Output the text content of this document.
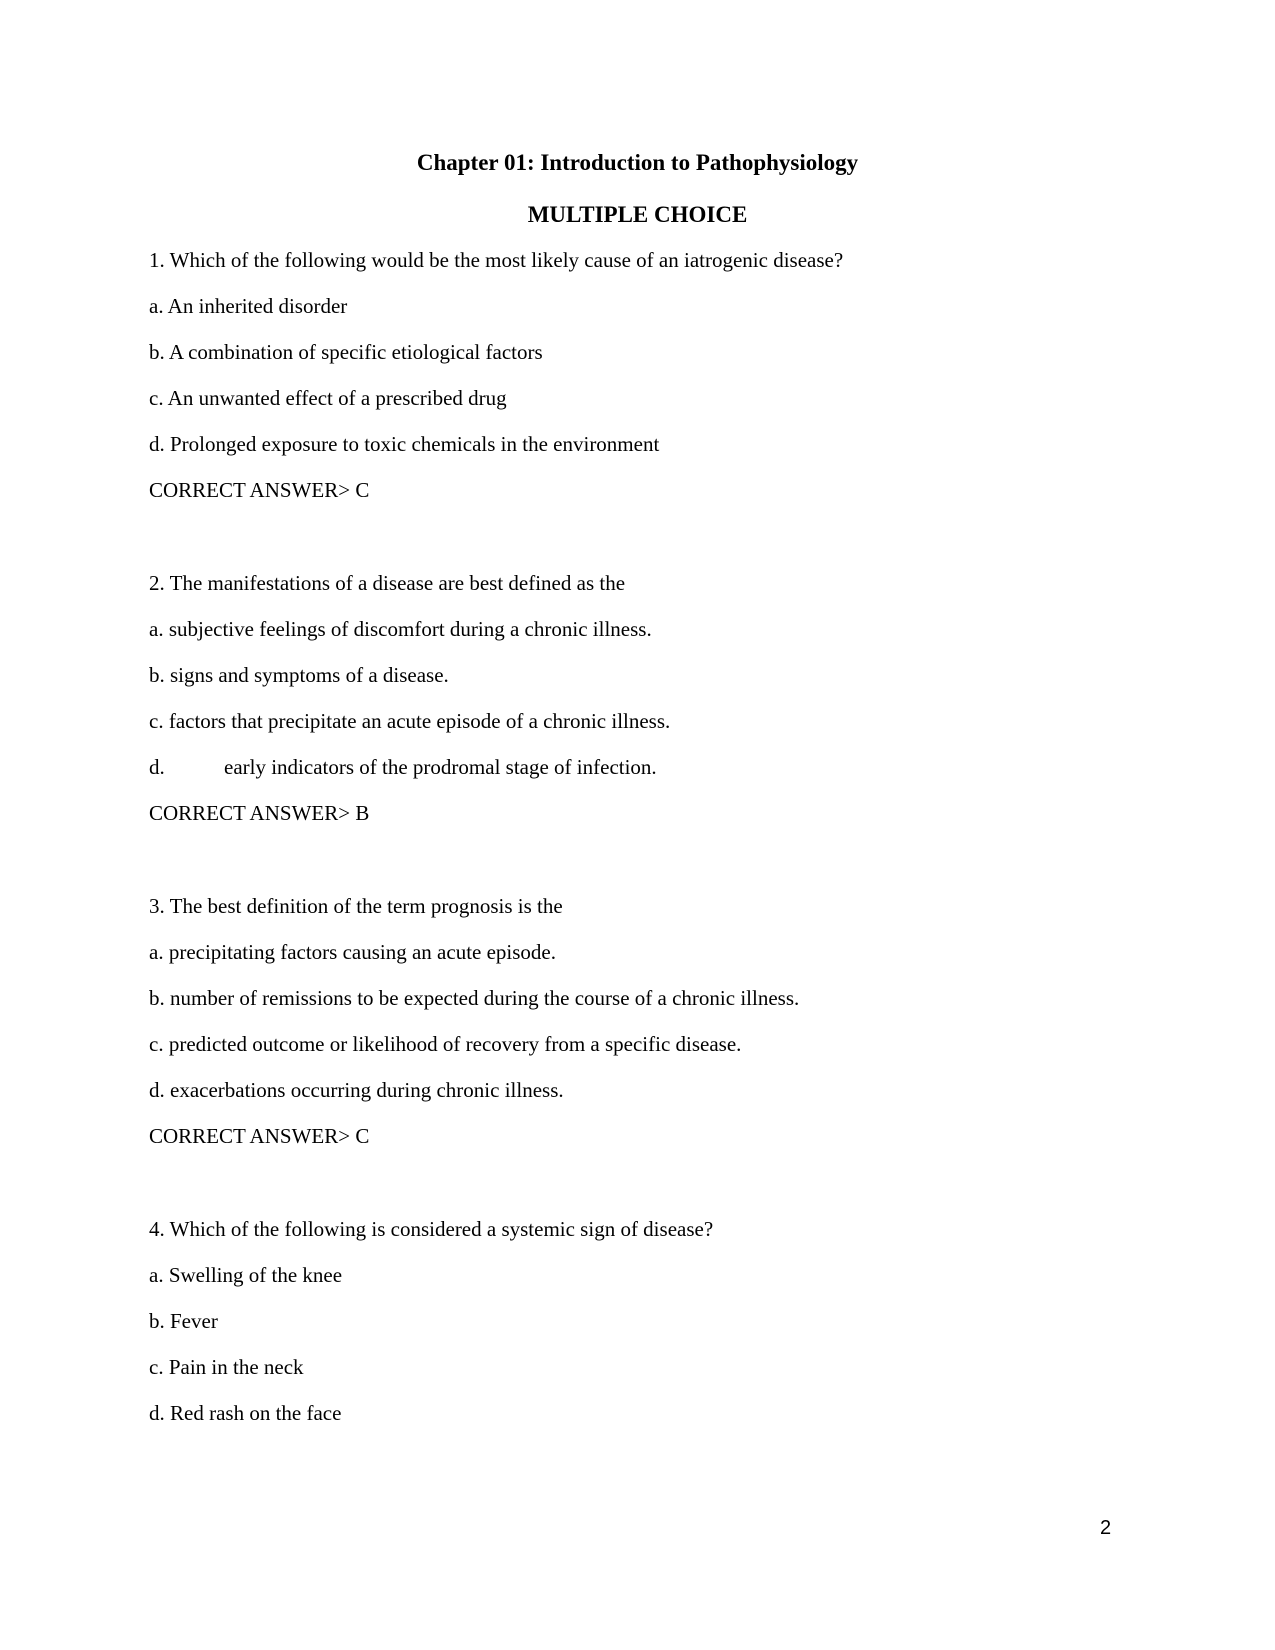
Chapter 01: Introduction to Pathophysiology
MULTIPLE CHOICE
1. Which of the following would be the most likely cause of an iatrogenic disease?
a. An inherited disorder
b. A combination of specific etiological factors
c. An unwanted effect of a prescribed drug
d. Prolonged exposure to toxic chemicals in the environment
CORRECT ANSWER> C
2. The manifestations of a disease are best defined as the
a. subjective feelings of discomfort during a chronic illness.
b. signs and symptoms of a disease.
c. factors that precipitate an acute episode of a chronic illness.
d.	early indicators of the prodromal stage of infection.
CORRECT ANSWER> B
3. The best definition of the term prognosis is the
a. precipitating factors causing an acute episode.
b. number of remissions to be expected during the course of a chronic illness.
c. predicted outcome or likelihood of recovery from a specific disease.
d. exacerbations occurring during chronic illness.
CORRECT ANSWER> C
4. Which of the following is considered a systemic sign of disease?
a. Swelling of the knee
b. Fever
c. Pain in the neck
d. Red rash on the face
2
